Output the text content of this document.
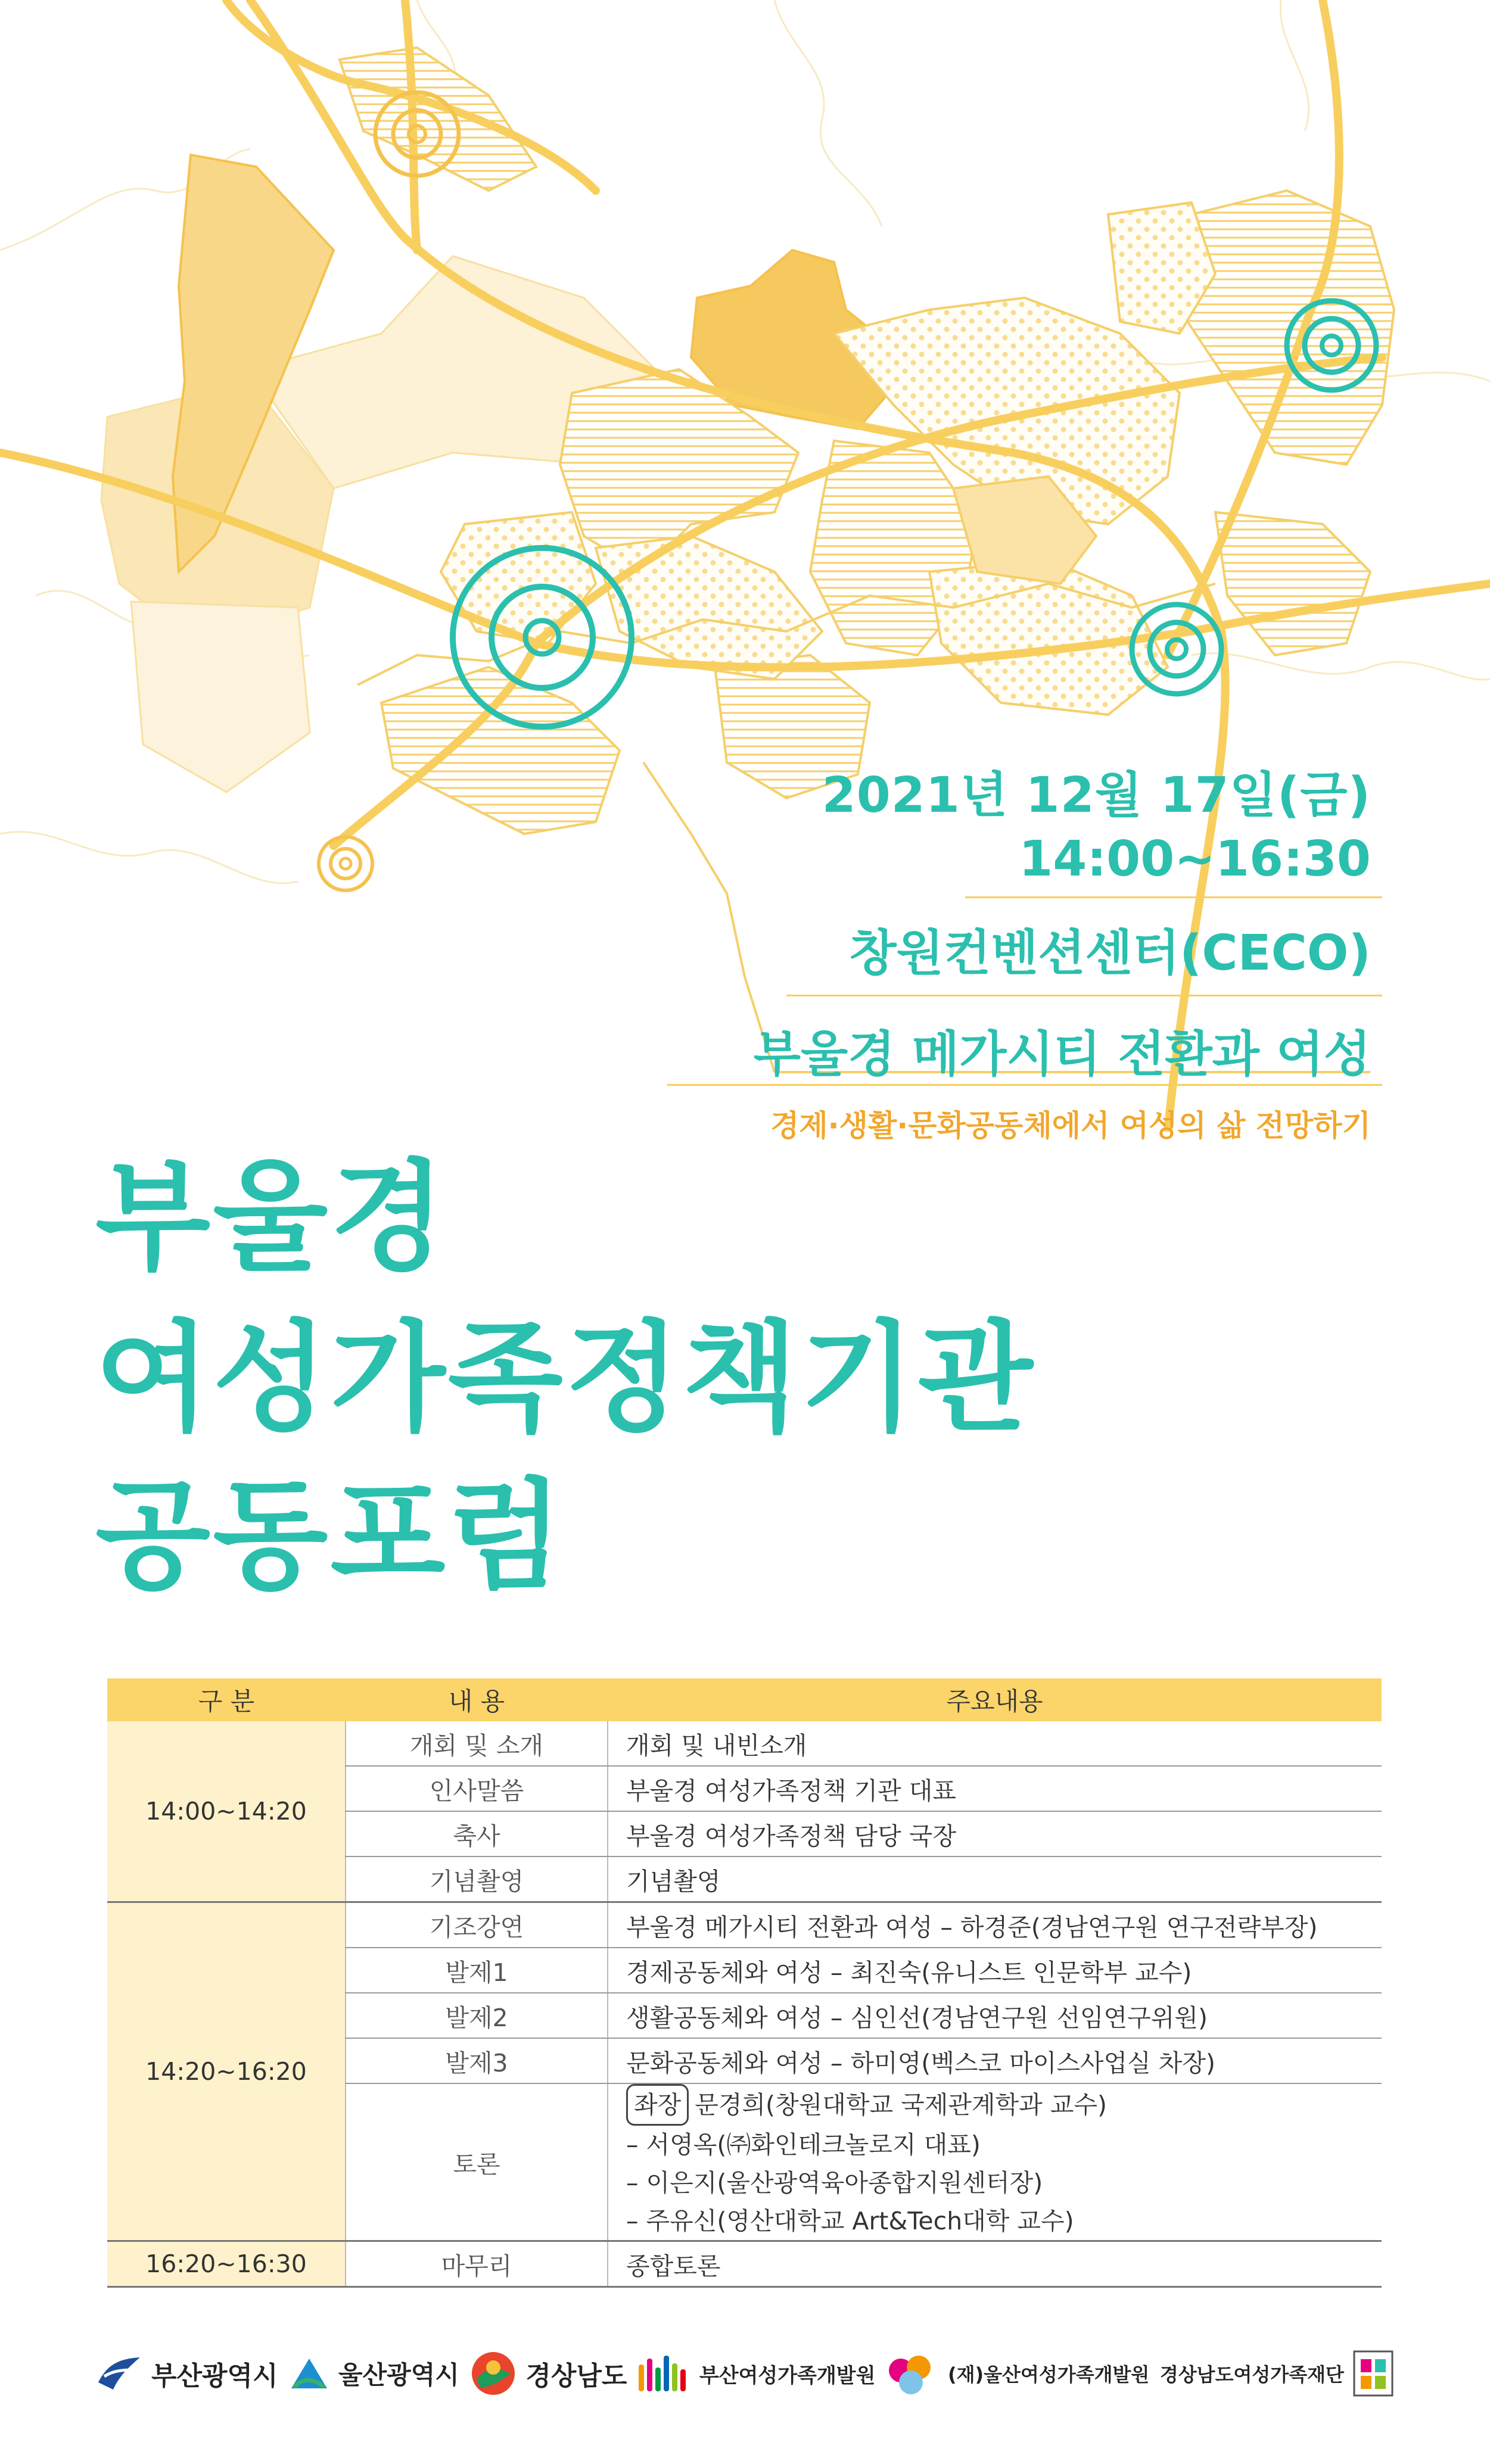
2021년 12월 17일(금)
14:00~16:30
창원컨벤션센터(CECO)
부울경 메가시티 전환과 여성
경제·생활·문화공동체에서 여성의 삶 전망하기
부울경
여성가족정책기관
공동포럼
구 분	내 용	주요내용
14:00~14:20	개회 및 소개	개회 및 내빈소개
	인사말씀	부울경 여성가족정책 기관 대표
	축사	부울경 여성가족정책 담당 국장
	기념촬영	기념촬영
14:20~16:20	기조강연	부울경 메가시티 전환과 여성 – 하경준(경남연구원 연구전략부장)
	발제1	경제공동체와 여성 – 최진숙(유니스트 인문학부 교수)
	발제2	생활공동체와 여성 – 심인선(경남연구원 선임연구위원)
	발제3	문화공동체와 여성 – 하미영(벡스코 마이스사업실 차장)
	토론	좌장 문경희(창원대학교 국제관계학과 교수)
– 서영옥(㈜화인테크놀로지 대표)
– 이은지(울산광역육아종합지원센터장)
– 주유신(영산대학교 Art&Tech대학 교수)

16:20~16:30	마무리	종합토론
부산광역시 울산광역시	경상남도	부산여성가족개발원	(재)울산여성가족개발원 경상남도여성가족재단
